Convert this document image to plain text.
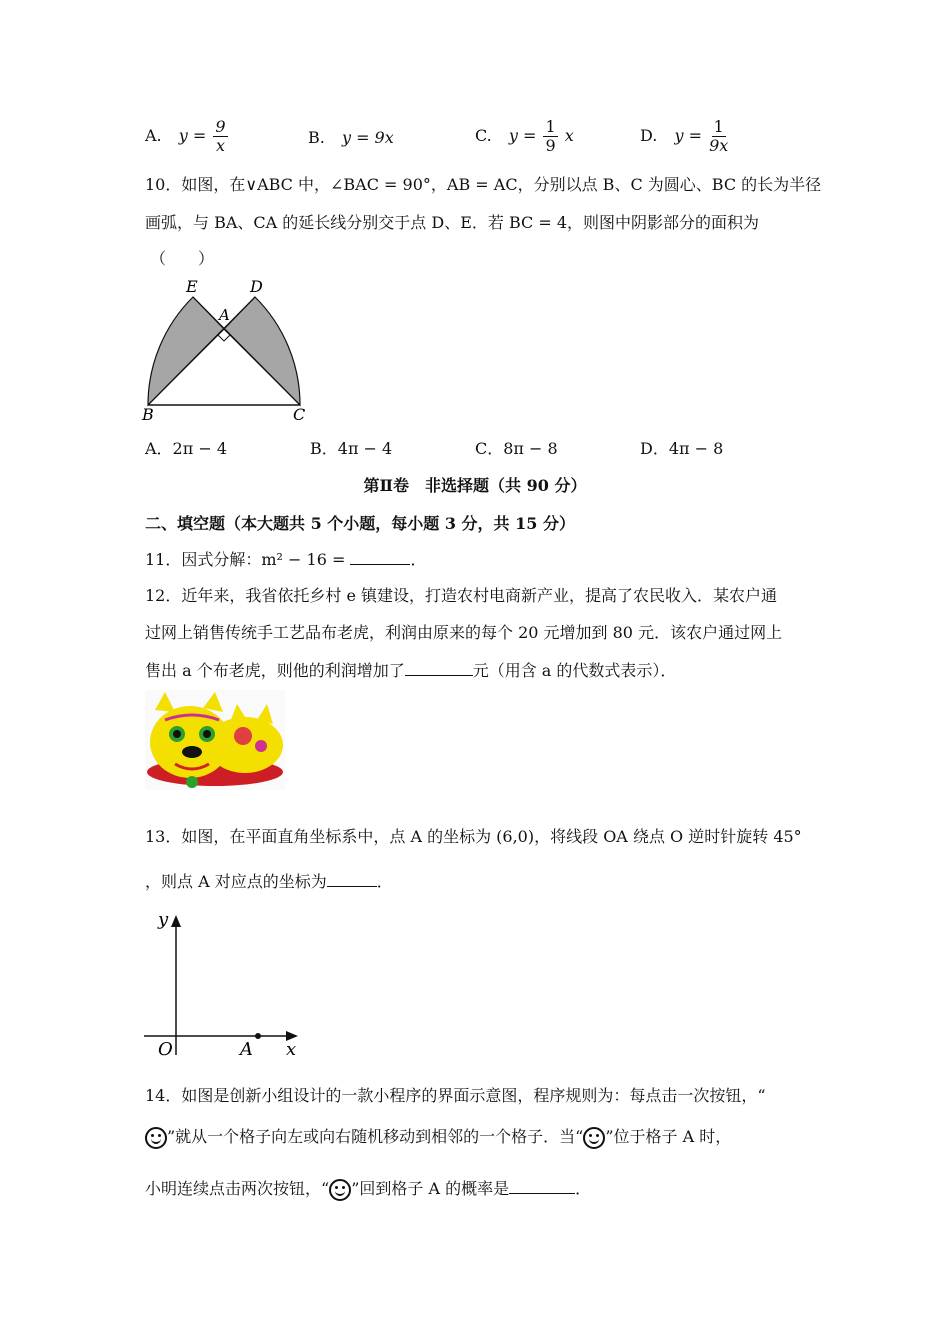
A. $y = \frac{9}{x}$	B. y = 9x	C. $y = \frac{1}{9}$ x	D. $y = \frac{1}{9x}$
10．如图，在∨ABC 中，∠BAC = 90°，AB = AC，分别以点 B、C 为圆心、BC 的长为半径
画弧，与 BA、CA 的延长线分别交于点 D、E．若 BC = 4，则图中阴影部分的面积为
（　　）
E	D
A
B	C
A．2π − 4	B．4π − 4	C．8π − 8	D．4π − 8
第Ⅱ卷　非选择题（共 90 分）
二、填空题（本大题共 5 个小题，每小题 3 分，共 15 分）
11．因式分解：m² − 16 =	．
12．近年来，我省依托乡村 e 镇建设，打造农村电商新产业，提高了农民收入．某农户通
过网上销售传统手工艺品布老虎，利润由原来的每个 20 元增加到 80 元．该农户通过网上
售出 a 个布老虎，则他的利润增加了	元（用含 a 的代数式表示）．
13．如图，在平面直角坐标系中，点 A 的坐标为 (6,0)，将线段 OA 绕点 O 逆时针旋转 45°
，则点 A 对应点的坐标为	．
y
x
O	A
14．如图是创新小组设计的一款小程序的界面示意图，程序规则为：每点击一次按钮，“
”就从一个格子向左或向右随机移动到相邻的一个格子．当“ ”位于格子 A 时，
小明连续点击两次按钮，“ ”回到格子 A 的概率是	．
